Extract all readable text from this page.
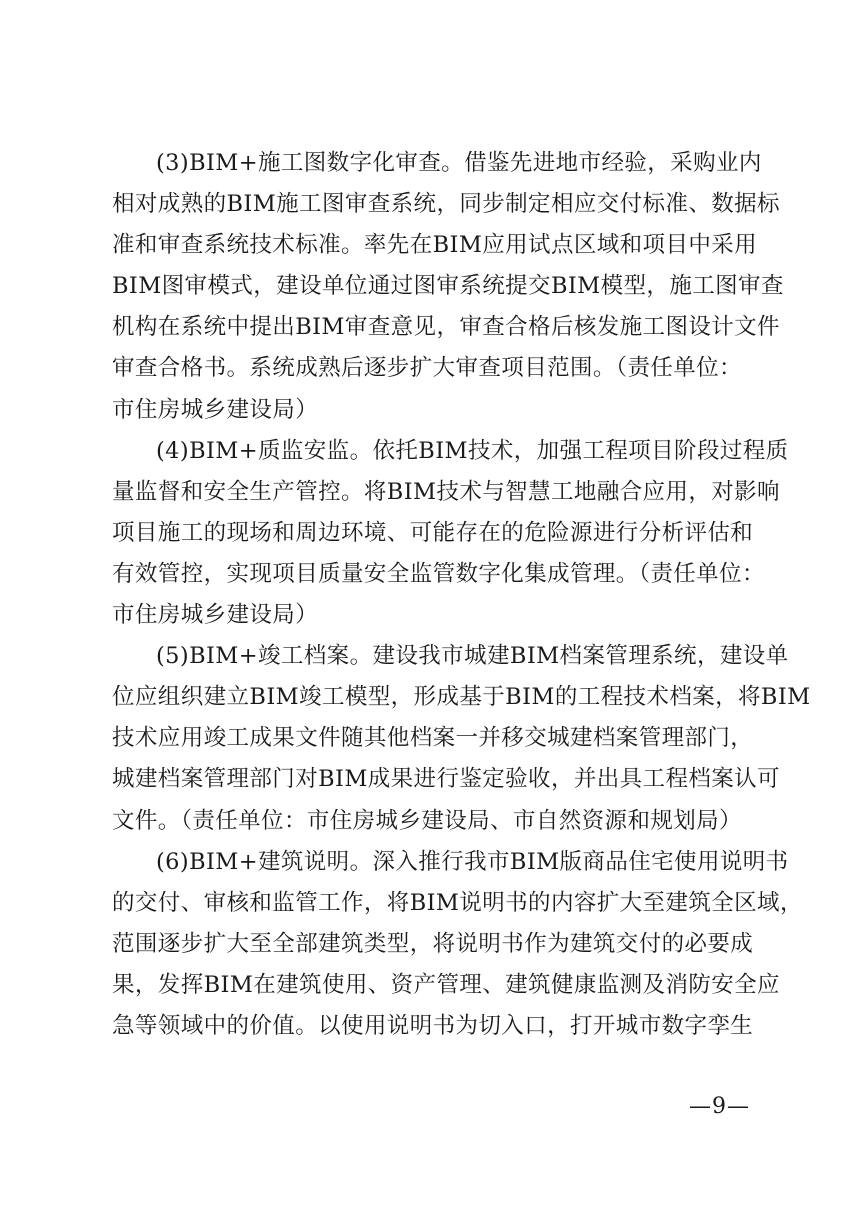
(3)BIM+施工图数字化审查。借鉴先进地市经验，采购业内
相对成熟的BIM施工图审查系统，同步制定相应交付标准、数据标
准和审查系统技术标准。率先在BIM应用试点区域和项目中采用
BIM图审模式，建设单位通过图审系统提交BIM模型，施工图审查
机构在系统中提出BIM审查意见，审查合格后核发施工图设计文件
审查合格书。系统成熟后逐步扩大审查项目范围。（责任单位：
市住房城乡建设局）
(4)BIM+质监安监。依托BIM技术，加强工程项目阶段过程质
量监督和安全生产管控。将BIM技术与智慧工地融合应用，对影响
项目施工的现场和周边环境、可能存在的危险源进行分析评估和
有效管控，实现项目质量安全监管数字化集成管理。（责任单位：
市住房城乡建设局）
(5)BIM+竣工档案。建设我市城建BIM档案管理系统，建设单
位应组织建立BIM竣工模型，形成基于BIM的工程技术档案，将BIM
技术应用竣工成果文件随其他档案一并移交城建档案管理部门，
城建档案管理部门对BIM成果进行鉴定验收，并出具工程档案认可
文件。（责任单位：市住房城乡建设局、市自然资源和规划局）
(6)BIM+建筑说明。深入推行我市BIM版商品住宅使用说明书
的交付、审核和监管工作，将BIM说明书的内容扩大至建筑全区域，
范围逐步扩大至全部建筑类型，将说明书作为建筑交付的必要成
果，发挥BIM在建筑使用、资产管理、建筑健康监测及消防安全应
急等领域中的价值。以使用说明书为切入口，打开城市数字孪生
—9—
